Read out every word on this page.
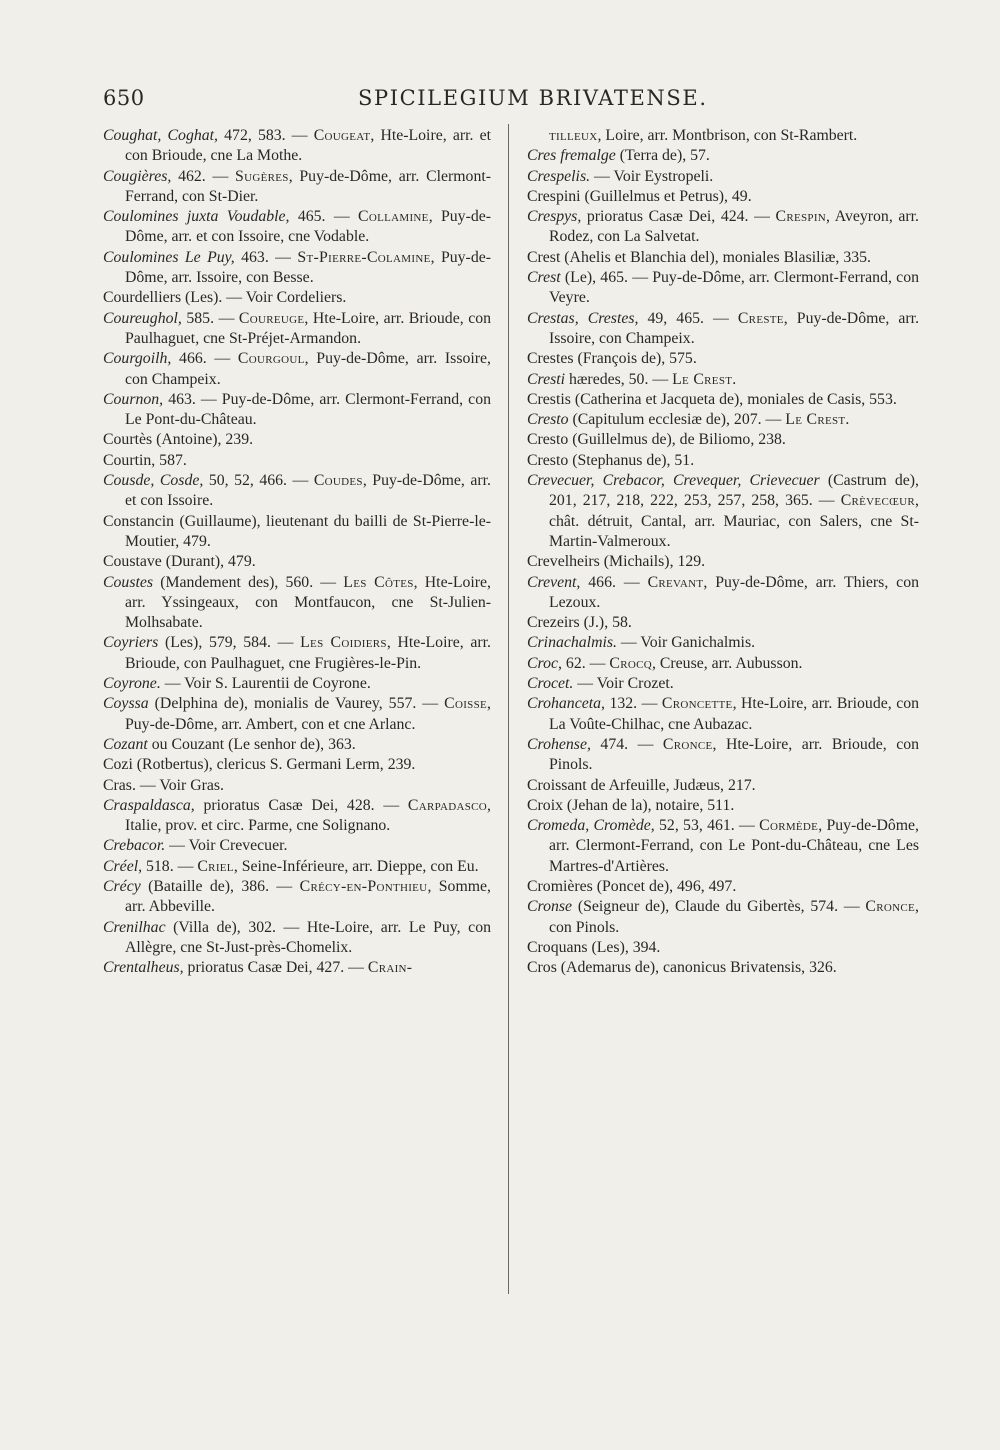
650	SPICILEGIUM BRIVATENSE.

Coughat, Coghat, 472, 583. — Cougeat, Hte-Loire, arr. et con Brioude, cne La Mothe.

Cougières, 462. — Sugères, Puy-de-Dôme, arr. Clermont-Ferrand, con St-Dier.

Coulomines juxta Voudable, 465. — Collamine, Puy-de-Dôme, arr. et con Issoire, cne Vodable.

Coulomines Le Puy, 463. — St-Pierre-Colamine, Puy-de-Dôme, arr. Issoire, con Besse.

Courdelliers (Les). — Voir Cordeliers.

Coureughol, 585. — Coureuge, Hte-Loire, arr. Brioude, con Paulhaguet, cne St-Préjet-Armandon.

Courgoilh, 466. — Courgoul, Puy-de-Dôme, arr. Issoire, con Champeix.

Cournon, 463. — Puy-de-Dôme, arr. Clermont-Ferrand, con Le Pont-du-Château.

Courtès (Antoine), 239.

Courtin, 587.

Cousde, Cosde, 50, 52, 466. — Coudes, Puy-de-Dôme, arr. et con Issoire.

Constancin (Guillaume), lieutenant du bailli de St-Pierre-le-Moutier, 479.

Coustave (Durant), 479.

Coustes (Mandement des), 560. — Les Côtes, Hte-Loire, arr. Yssingeaux, con Montfaucon, cne St-Julien-Molhsabate.

Coyriers (Les), 579, 584. — Les Coidiers, Hte-Loire, arr. Brioude, con Paulhaguet, cne Frugières-le-Pin.

Coyrone. — Voir S. Laurentii de Coyrone.

Coyssa (Delphina de), monialis de Vaurey, 557. — Coisse, Puy-de-Dôme, arr. Ambert, con et cne Arlanc.

Cozant ou Couzant (Le senhor de), 363.

Cozi (Rotbertus), clericus S. Germani Lerm, 239.

Cras. — Voir Gras.

Craspaldasca, prioratus Casæ Dei, 428. — Carpadasco, Italie, prov. et circ. Parme, cne Solignano.

Crebacor. — Voir Crevecuer.

Créel, 518. — Criel, Seine-Inférieure, arr. Dieppe, con Eu.

Crécy (Bataille de), 386. — Crécy-en-Ponthieu, Somme, arr. Abbeville.

Crenilhac (Villa de), 302. — Hte-Loire, arr. Le Puy, con Allègre, cne St-Just-près-Chomelix.

Crentalheus, prioratus Casæ Dei, 427. — Crain-

tilleux, Loire, arr. Montbrison, con St-Rambert.

Cres fremalge (Terra de), 57.

Crespelis. — Voir Eystropeli.

Crespini (Guillelmus et Petrus), 49.

Crespys, prioratus Casæ Dei, 424. — Crespin, Aveyron, arr. Rodez, con La Salvetat.

Crest (Ahelis et Blanchia del), moniales Blasiliæ, 335.

Crest (Le), 465. — Puy-de-Dôme, arr. Clermont-Ferrand, con Veyre.

Crestas, Crestes, 49, 465. — Creste, Puy-de-Dôme, arr. Issoire, con Champeix.

Crestes (François de), 575.

Cresti hæredes, 50. — Le Crest.

Crestis (Catherina et Jacqueta de), moniales de Casis, 553.

Cresto (Capitulum ecclesiæ de), 207. — Le Crest.

Cresto (Guillelmus de), de Biliomo, 238.

Cresto (Stephanus de), 51.

Crevecuer, Crebacor, Crevequer, Crievecuer (Castrum de), 201, 217, 218, 222, 253, 257, 258, 365. — Crèvecœur, chât. détruit, Cantal, arr. Mauriac, con Salers, cne St-Martin-Valmeroux.

Crevelheirs (Michails), 129.

Crevent, 466. — Crevant, Puy-de-Dôme, arr. Thiers, con Lezoux.

Crezeirs (J.), 58.

Crinachalmis. — Voir Ganichalmis.

Croc, 62. — Crocq, Creuse, arr. Aubusson.

Crocet. — Voir Crozet.

Crohanceta, 132. — Croncette, Hte-Loire, arr. Brioude, con La Voûte-Chilhac, cne Aubazac.

Crohense, 474. — Cronce, Hte-Loire, arr. Brioude, con Pinols.

Croissant de Arfeuille, Judæus, 217.

Croix (Jehan de la), notaire, 511.

Cromeda, Cromède, 52, 53, 461. — Cormède, Puy-de-Dôme, arr. Clermont-Ferrand, con Le Pont-du-Château, cne Les Martres-d'Artières.

Cromières (Poncet de), 496, 497.

Cronse (Seigneur de), Claude du Gibertès, 574. — Cronce, con Pinols.

Croquans (Les), 394.

Cros (Ademarus de), canonicus Brivatensis, 326.
